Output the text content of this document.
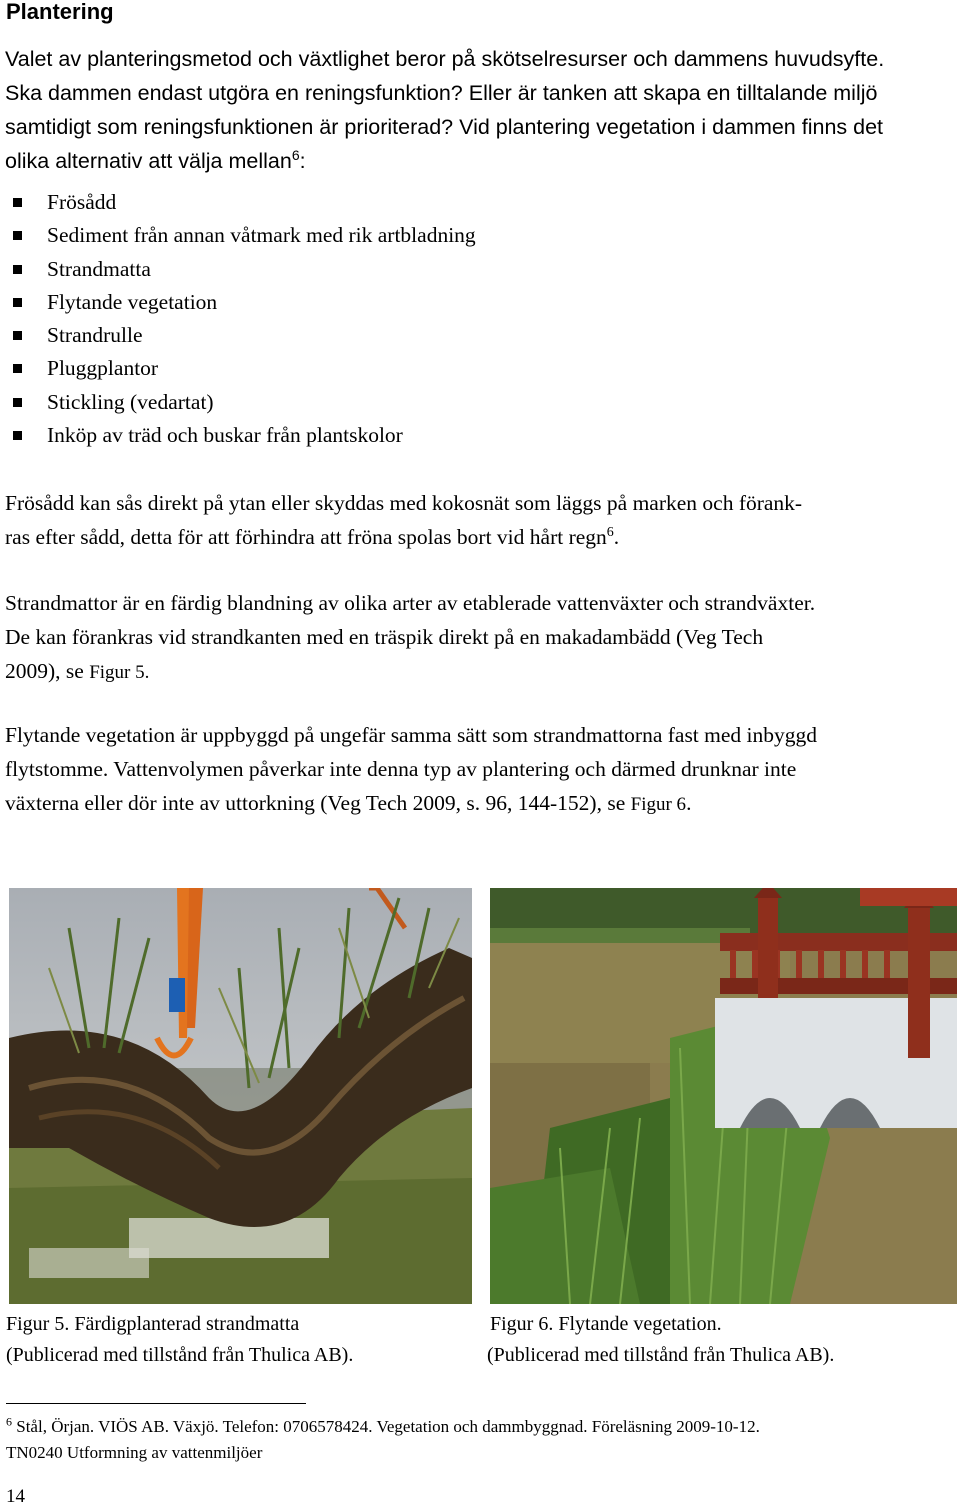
Plantering
Valet av planteringsmetod och växtlighet beror på skötselresurser och dammens huvudsyfte.
Ska dammen endast utgöra en reningsfunktion? Eller är tanken att skapa en tilltalande miljö
samtidigt som reningsfunktionen är prioriterad? Vid plantering vegetation i dammen finns det
olika alternativ att välja mellan$^6$:
Frösådd
Sediment från annan våtmark med rik artbladning
Strandmatta
Flytande vegetation
Strandrulle
Pluggplantor
Stickling (vedartat)
Inköp av träd och buskar från plantskolor
Frösådd kan sås direkt på ytan eller skyddas med kokosnät som läggs på marken och förank-
ras efter sådd, detta för att förhindra att fröna spolas bort vid hårt regn$^6$.
Strandmattor är en färdig blandning av olika arter av etablerade vattenväxter och strandväxter.
De kan förankras vid strandkanten med en träspik direkt på en makadambädd (Veg Tech
2009), se Figur 5.
Flytande vegetation är uppbyggd på ungefär samma sätt som strandmattorna fast med inbyggd
flytstomme. Vattenvolymen påverkar inte denna typ av plantering och därmed drunknar inte
växterna eller dör inte av uttorkning (Veg Tech 2009, s. 96, 144-152), se Figur 6.
Figur 5. Färdigplanterad strandmatta
(Publicerad med tillstånd från Thulica AB).
Figur 6. Flytande vegetation.
(Publicerad med tillstånd från Thulica AB).
$^6$ Stål, Örjan. VIÖS AB. Växjö. Telefon: 0706578424. Vegetation och dammbyggnad. Föreläsning 2009-10-12.
TN0240 Utformning av vattenmiljöer
14
